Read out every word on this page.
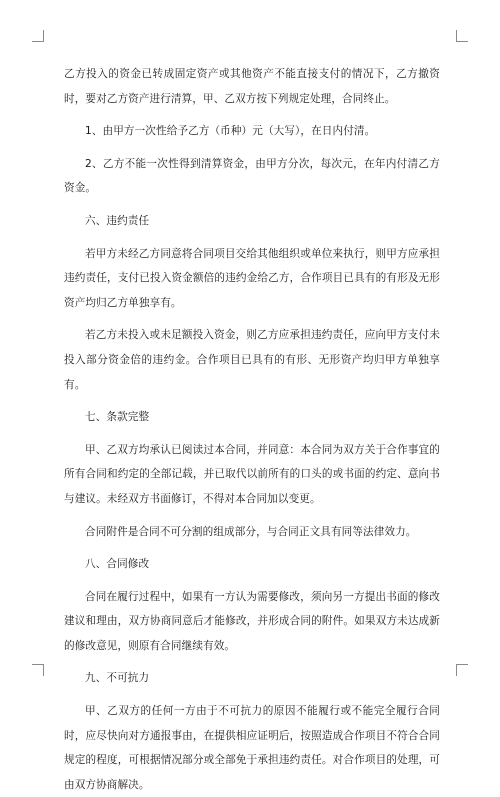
乙方投入的资金已转成固定资产或其他资产不能直接支付的情况下，乙方撤资时，要对乙方资产进行清算，甲、乙双方按下列规定处理，合同终止。

1、由甲方一次性给予乙方（币种）元（大写），在日内付清。

2、乙方不能一次性得到清算资金，由甲方分次，每次元，在年内付清乙方资金。

六、违约责任

若甲方未经乙方同意将合同项目交给其他组织或单位来执行，则甲方应承担违约责任，支付已投入资金额倍的违约金给乙方，合作项目已具有的有形及无形资产均归乙方单独享有。

若乙方未投入或未足额投入资金，则乙方应承担违约责任，应向甲方支付未投入部分资金倍的违约金。合作项目已具有的有形、无形资产均归甲方单独享有。

七、条款完整

甲、乙双方均承认已阅读过本合同，并同意：本合同为双方关于合作事宜的所有合同和约定的全部记载，并已取代以前所有的口头的或书面的约定、意向书与建议。未经双方书面修订，不得对本合同加以变更。

合同附件是合同不可分割的组成部分，与合同正文具有同等法律效力。

八、合同修改

合同在履行过程中，如果有一方认为需要修改，须向另一方提出书面的修改建议和理由，双方协商同意后才能修改，并形成合同的附件。如果双方未达成新的修改意见，则原有合同继续有效。

九、不可抗力

甲、乙双方的任何一方由于不可抗力的原因不能履行或不能完全履行合同时，应尽快向对方通报事由，在提供相应证明后，按照造成合作项目不符合合同规定的程度，可根据情况部分或全部免于承担违约责任。对合作项目的处理，可由双方协商解决。
